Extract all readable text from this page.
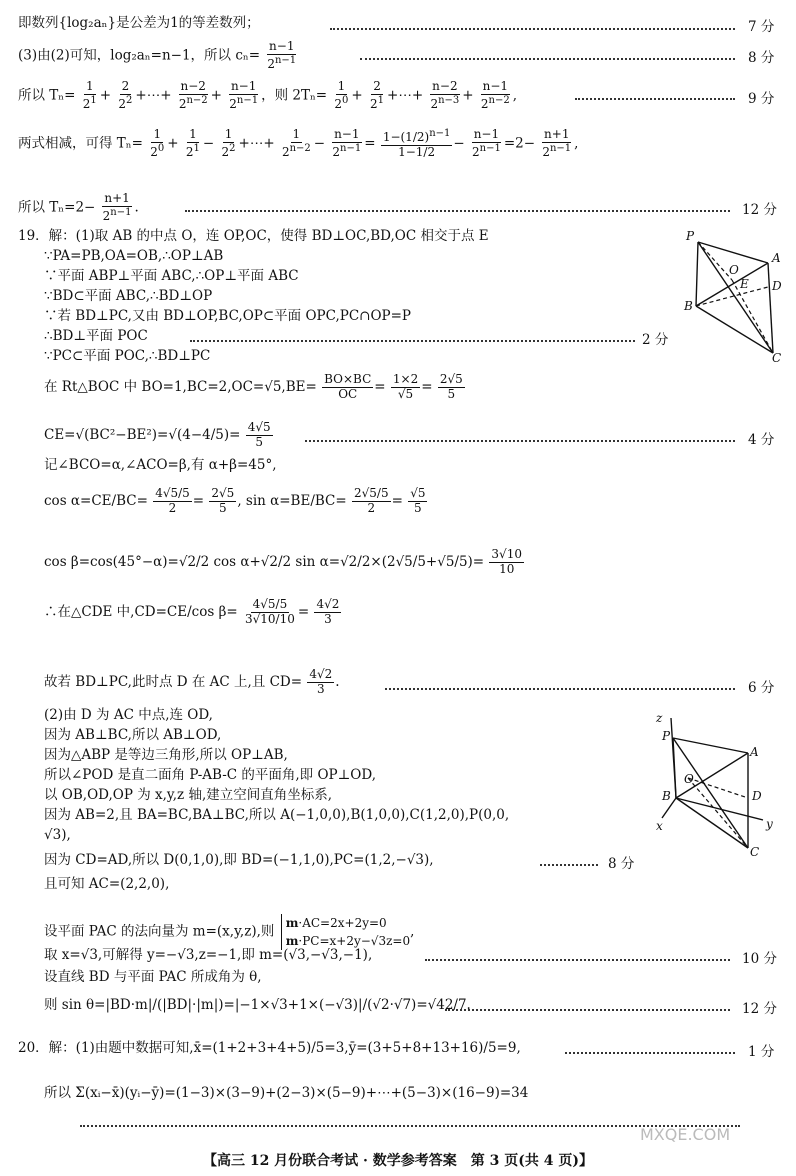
即数列{log₂aₙ}是公差为1的等差数列；
(3)由(2)可知，log₂aₙ=n−1，所以 $c_n= \frac{n-1}{2^{n-1}}$
所以 $T_n= \frac{1}{2^1} + \frac{2}{2^2}$ +⋯+ $\frac{n-2}{2^{n-2}} + \frac{n-1}{2^{n-1}}$ ，则 $2T_n= \frac{1}{2^0} + \frac{2}{2^1}$ +⋯+ $\frac{n-2}{2^{n-3}} + \frac{n-1}{2^{n-2}}$ ,
两式相减，可得 $T_n= \frac{1}{2^0} + \frac{1}{2^1} - \frac{1}{2^2}$ +⋯+ $\frac{1}{2^{n-2}} - \frac{n-1}{2^{n-1}} = \frac{1-(1/2)^{n-1}}{1-1/2} - \frac{n-1}{2^{n-1}} =2- \frac{n+1}{2^{n-1}}$ ,
所以 $T_n=2- \frac{n+1}{2^{n-1}}$ .
19．解：(1)取 AB 的中点 O，连 OP,OC，使得 BD⊥OC,BD,OC 相交于点 E
∵PA=PB,OA=OB,∴OP⊥AB
∵平面 ABP⊥平面 ABC,∴OP⊥平面 ABC
∵BD⊂平面 ABC,∴BD⊥OP
∵若 BD⊥PC,又由 BD⊥OP,BC,OP⊂平面 OPC,PC∩OP=P
∴BD⊥平面 POC
∵PC⊂平面 POC,∴BD⊥PC
在 Rt△BOC 中 $BO=1,BC=2,OC=√5,BE= \frac{BO\times BC}{OC} = \frac{1\times 2}{√5} = \frac{2√5}{5}$
$CE=√(BC^2-BE^2)=√(4-4/5)= \frac{4√5}{5}$
记∠BCO=α,∠ACO=β,有 α+β=45°,
$\cos \alpha=CE/BC= \frac{4√5/5}{2} = \frac{2√5}{5}$ , $\sin \alpha=BE/BC= \frac{2√5/5}{2} = \frac{√5}{5}$
cos β=cos(45°−α)=√2/2 cos α+√2/2 $\sin \alpha=√2/2\times(2√5/5+√5/5)= \frac{3√10}{10}$
∴在△CDE 中,CD=CE/cos $\beta= \frac{4√5/5}{3√10/10} = \frac{4√2}{3}$
故若 BD⊥PC,此时点 D 在 AC 上,且 $CD= \frac{4√2}{3}$ .
(2)由 D 为 AC 中点,连 OD,
因为 AB⊥BC,所以 AB⊥OD,
因为△ABP 是等边三角形,所以 OP⊥AB,
所以∠POD 是直二面角 P-AB-C 的平面角,即 OP⊥OD,
以 OB,OD,OP 为 x,y,z 轴,建立空间直角坐标系,
因为 AB=2,且 BA=BC,BA⊥BC,所以 A(−1,0,0),B(1,0,0),C(1,2,0),P(0,0,
√3),
因为 CD=AD,所以 D(0,1,0),即 BD=(−1,1,0),PC=(1,2,−√3),
且可知 AC=(2,2,0),
设平面 PAC 的法向量为 m=(x,y,z),则 m·AC=2x+2y=0
m·PC=x+2y−√3z=0,
取 x=√3,可解得 y=−√3,z=−1,即 m=(√3,−√3,−1),
设直线 BD 与平面 PAC 所成角为 θ,
则 sin θ=|BD·m|/(|BD|·|m|)=|−1×√3+1×(−√3)|/(√2·√7)=√42/7.
20．解：(1)由题中数据可知,x̄=(1+2+3+4+5)/5=3,ȳ=(3+5+8+13+16)/5=9,
所以 Σ(xᵢ−x̄)(yᵢ−ȳ)=(1−3)×(3−9)+(2−3)×(5−9)+⋯+(5−3)×(16−9)=34
7 分
8 分
9 分
12 分
2 分
4 分
6 分
8 分
10 分
12 分
1 分
P
A
O
E D
B
C
z
P
A
O
B	D
x	y
C
【高三 12 月份联合考试 · 数学参考答案　第 3 页(共 4 页)】
MXQE.COM
